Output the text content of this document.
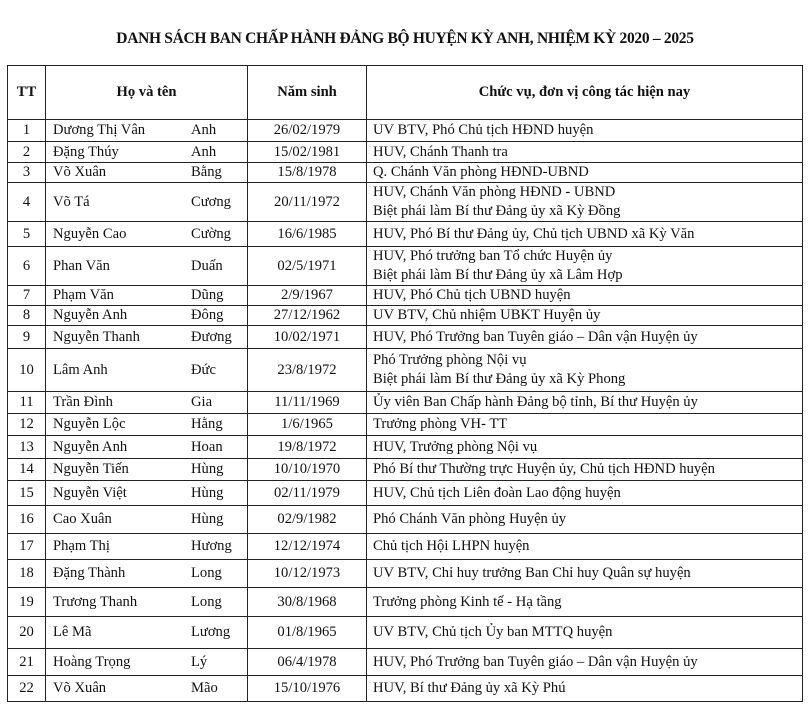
DANH SÁCH BAN CHẤP HÀNH ĐẢNG BỘ HUYỆN KỲ ANH, NHIỆM KỲ 2020 – 2025
TT	Họ và tên	Năm sinh	Chức vụ, đơn vị công tác hiện nay
1	Dương Thị Vân Anh	26/02/1979	UV BTV, Phó Chủ tịch HĐND huyện

2	Đặng Thúy Anh	15/02/1981	HUV, Chánh Thanh tra

3	Võ Xuân Bằng	15/8/1978	Q. Chánh Văn phòng HĐND-UBND

4	Võ Tá Cương	20/11/1972	HUV, Chánh Văn phòng HĐND - UBND
Biệt phái làm Bí thư Đảng ủy xã Kỳ Đồng

5	Nguyễn Cao Cường	16/6/1985	HUV, Phó Bí thư Đảng ủy, Chủ tịch UBND xã Kỳ Văn

6	Phan Văn Duấn	02/5/1971	HUV, Phó trưởng ban Tổ chức Huyện ủy
Biệt phái làm Bí thư Đảng ủy xã Lâm Hợp

7	Phạm Văn Dũng	2/9/1967	HUV, Phó Chủ tịch UBND huyện

8	Nguyễn Anh Đông	27/12/1962	UV BTV, Chủ nhiệm UBKT Huyện ủy

9	Nguyễn Thanh Đương	10/02/1971	HUV, Phó Trưởng ban Tuyên giáo – Dân vận Huyện ủy

10	Lâm Anh Đức	23/8/1972	Phó Trưởng phòng Nội vụ
Biệt phái làm Bí thư Đảng ủy xã Kỳ Phong

11	Trần Đình Gia	11/11/1969	Ủy viên Ban Chấp hành Đảng bộ tỉnh, Bí thư Huyện ủy

12	Nguyễn Lộc Hằng	1/6/1965	Trưởng phòng VH- TT

13	Nguyễn Anh Hoan	19/8/1972	HUV, Trưởng phòng Nội vụ

14	Nguyễn Tiến Hùng	10/10/1970	Phó Bí thư Thường trực Huyện ủy, Chủ tịch HĐND huyện

15	Nguyễn Việt Hùng	02/11/1979	HUV, Chủ tịch Liên đoàn Lao động huyện

16	Cao Xuân Hùng	02/9/1982	Phó Chánh Văn phòng Huyện ủy

17	Phạm Thị Hương	12/12/1974	Chủ tịch Hội LHPN huyện

18	Đặng Thành Long	10/12/1973	UV BTV, Chỉ huy trưởng Ban Chỉ huy Quân sự huyện

19	Trương Thanh Long	30/8/1968	Trưởng phòng Kinh tế - Hạ tầng

20	Lê Mã Lương	01/8/1965	UV BTV, Chủ tịch Ủy ban MTTQ huyện

21	Hoàng Trọng Lý	06/4/1978	HUV, Phó Trưởng ban Tuyên giáo – Dân vận Huyện ủy

22	Võ Xuân Mão	15/10/1976	HUV, Bí thư Đảng ủy xã Kỳ Phú
